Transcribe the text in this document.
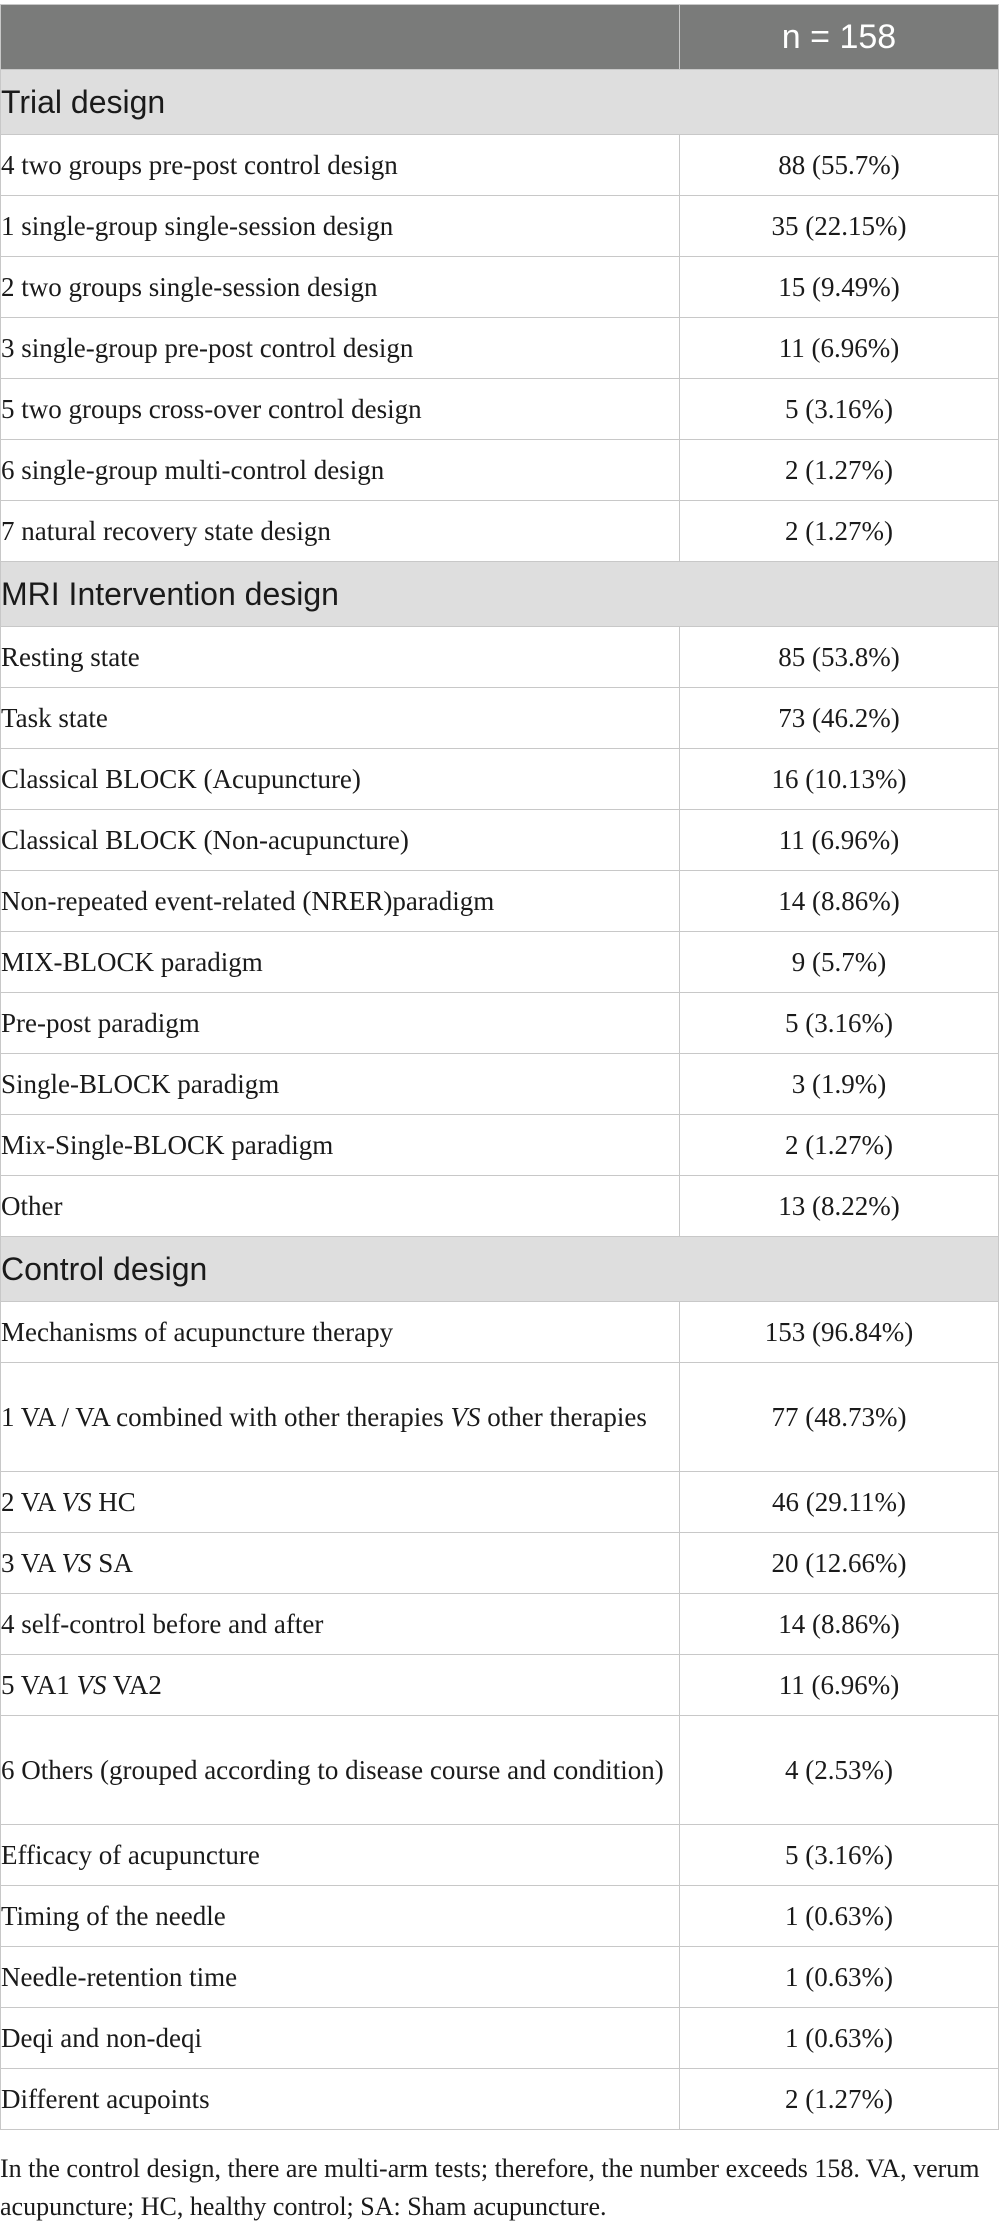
	n = 158
Trial design	
4 two groups pre-post control design	88 (55.7%)
1 single-group single-session design	35 (22.15%)
2 two groups single-session design	15 (9.49%)
3 single-group pre-post control design	11 (6.96%)
5 two groups cross-over control design	5 (3.16%)
6 single-group multi-control design	2 (1.27%)
7 natural recovery state design	2 (1.27%)
MRI Intervention design	
Resting state	85 (53.8%)
Task state	73 (46.2%)
Classical BLOCK (Acupuncture)	16 (10.13%)
Classical BLOCK (Non-acupuncture)	11 (6.96%)
Non-repeated event-related (NRER)paradigm	14 (8.86%)
MIX-BLOCK paradigm	9 (5.7%)
Pre-post paradigm	5 (3.16%)
Single-BLOCK paradigm	3 (1.9%)
Mix-Single-BLOCK paradigm	2 (1.27%)
Other	13 (8.22%)
Control design	
Mechanisms of acupuncture therapy	153 (96.84%)
1 VA / VA combined with other therapies VS other therapies	77 (48.73%)
2 VA VS HC	46 (29.11%)
3 VA VS SA	20 (12.66%)
4 self-control before and after	14 (8.86%)
5 VA1 VS VA2	11 (6.96%)
6 Others (grouped according to disease course and condition)	4 (2.53%)
Efficacy of acupuncture	5 (3.16%)
Timing of the needle	1 (0.63%)
Needle-retention time	1 (0.63%)
Deqi and non-deqi	1 (0.63%)
Different acupoints	2 (1.27%)
In the control design, there are multi-arm tests; therefore, the number exceeds 158. VA, verum acupuncture; HC, healthy control; SA: Sham acupuncture.
